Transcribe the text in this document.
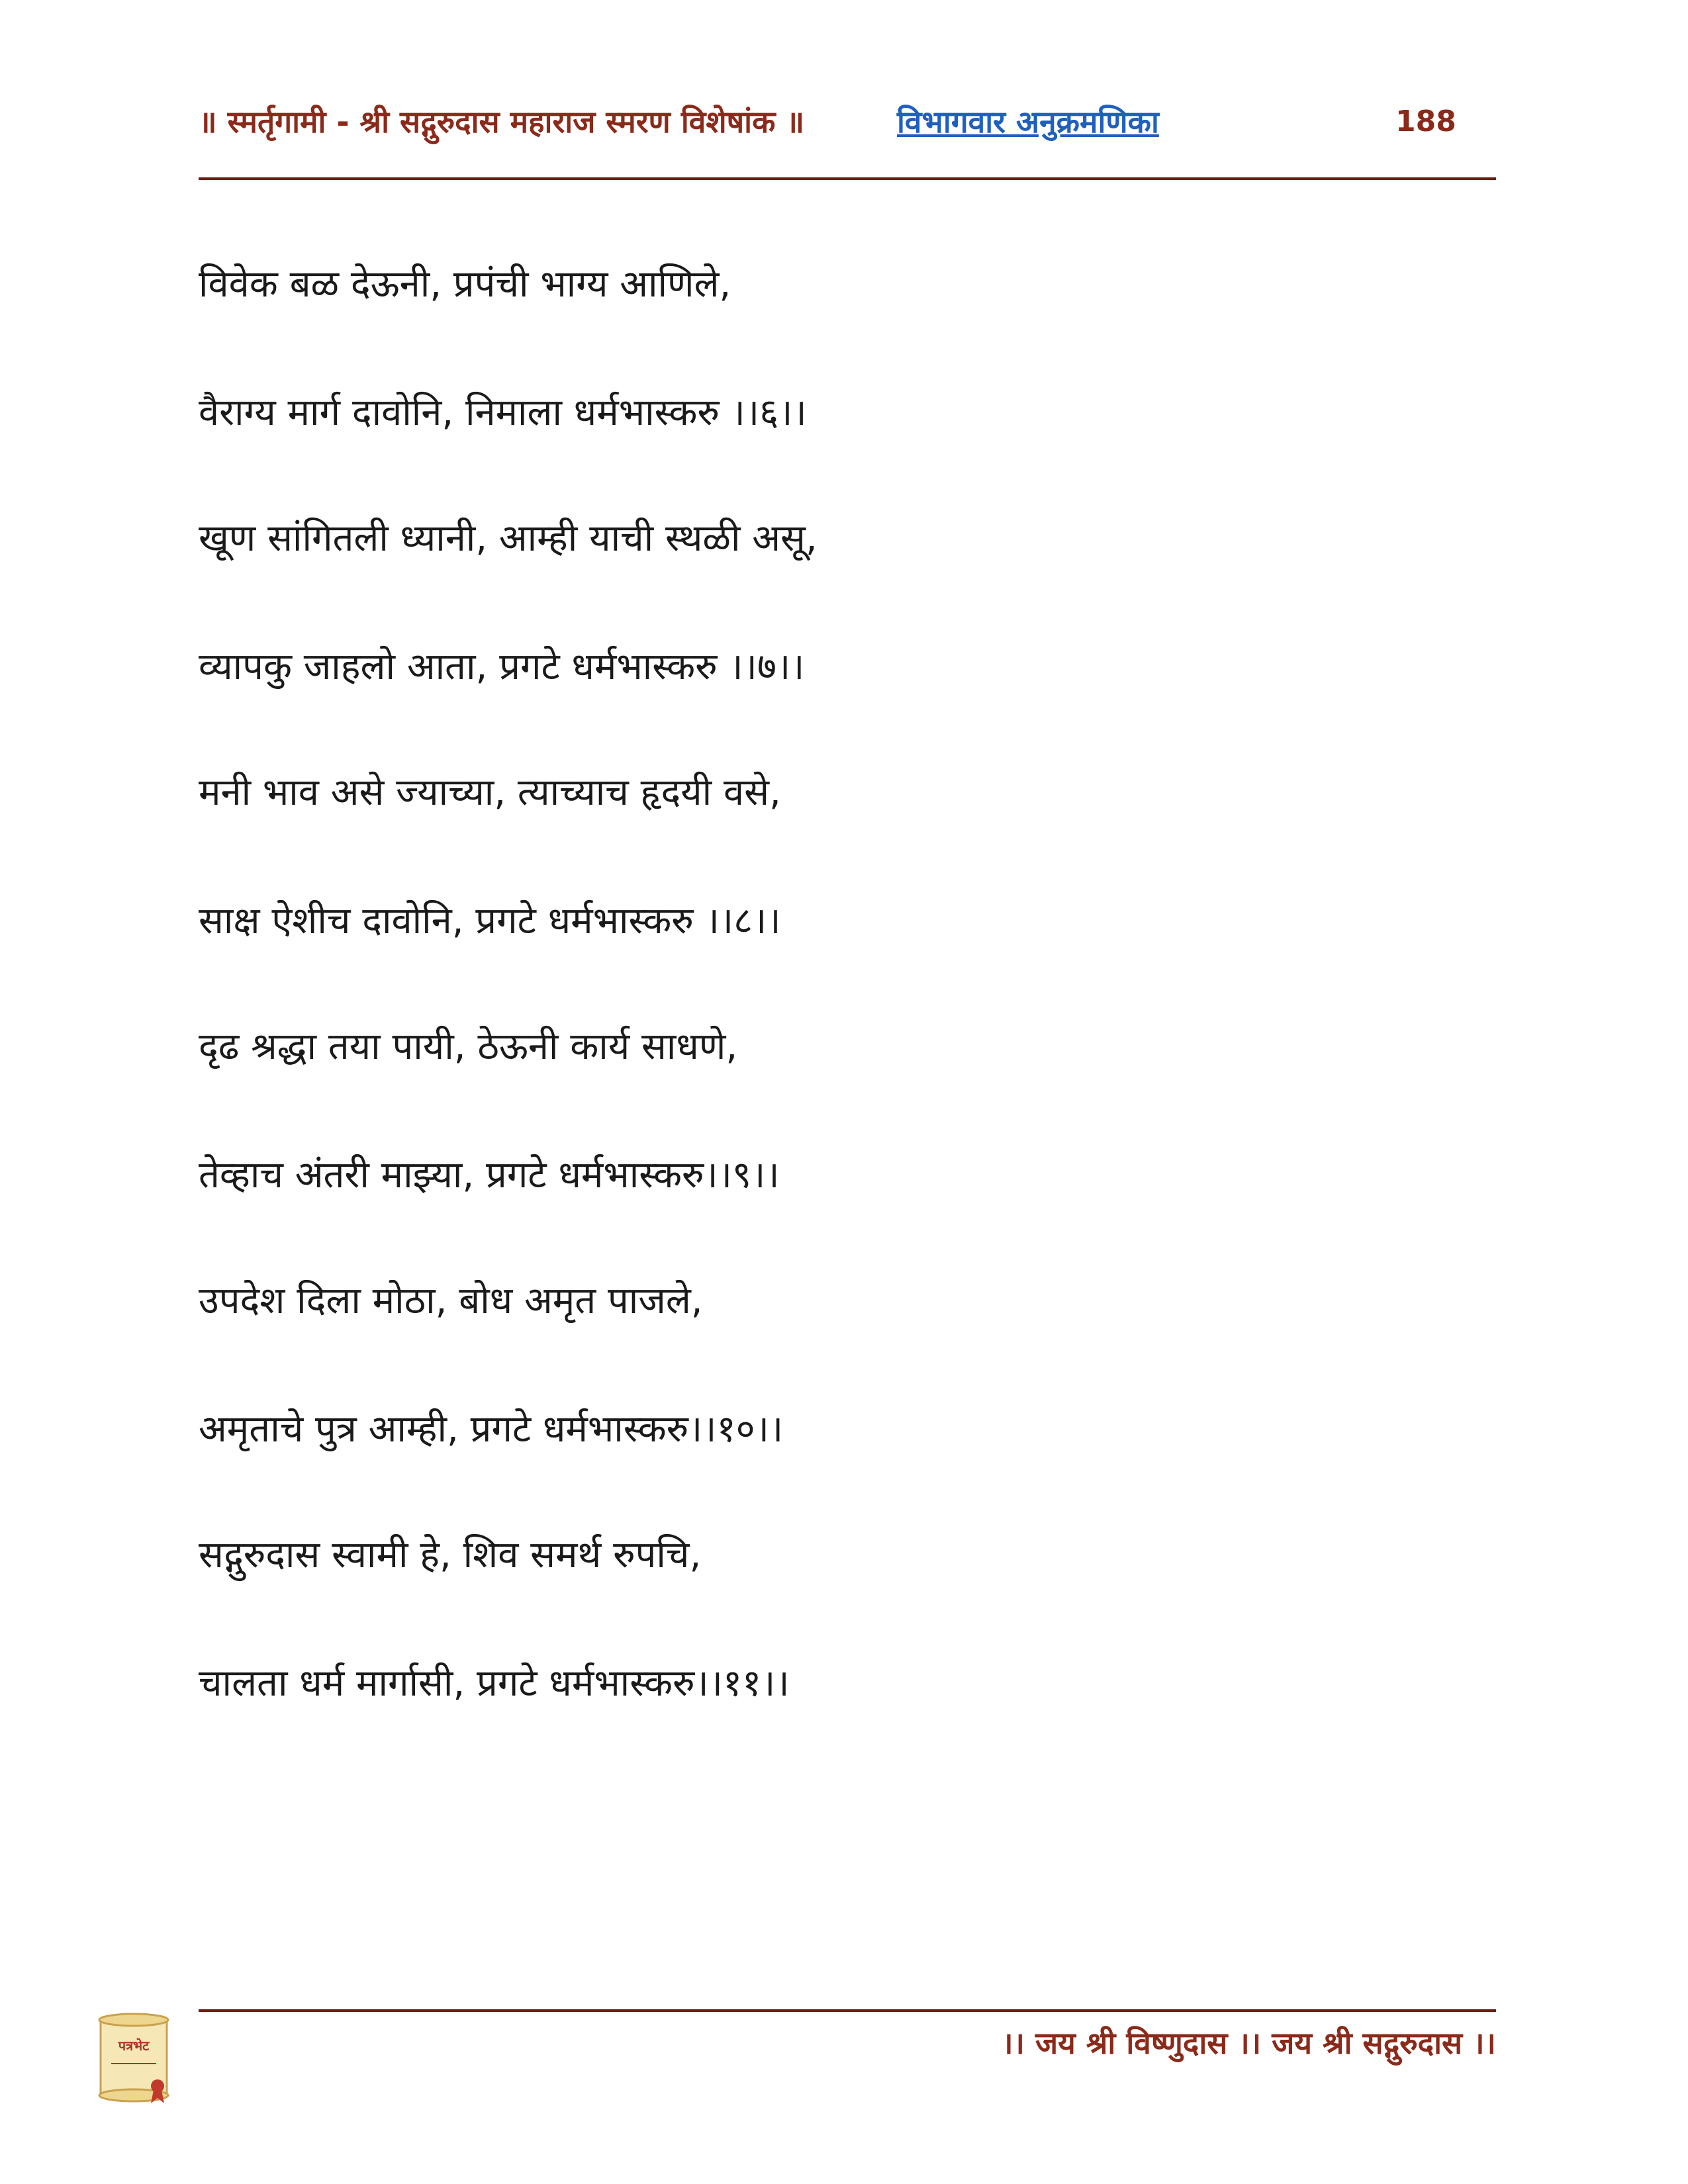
॥ स्मर्तृगामी - श्री सद्गुरुदास महाराज स्मरण विशेषांक ॥	विभागवार अनुक्रमणिका	188
विवेक बळ देऊनी, प्रपंची भाग्य आणिले,
वैराग्य मार्ग दावोनि, निमाला धर्मभास्करु ।।६।।
खूण सांगितली ध्यानी, आम्ही याची स्थळी असू,
व्यापकु जाहलो आता, प्रगटे धर्मभास्करु ।।७।।
मनी भाव असे ज्याच्या, त्याच्याच हृदयी वसे,
साक्ष ऐशीच दावोनि, प्रगटे धर्मभास्करु ।।८।।
दृढ श्रद्धा तया पायी, ठेऊनी कार्य साधणे,
तेव्हाच अंतरी माझ्या, प्रगटे धर्मभास्करु।।९।।
उपदेश दिला मोठा, बोध अमृत पाजले,
अमृताचे पुत्र आम्ही, प्रगटे धर्मभास्करु।।१०।।
सद्गुरुदास स्वामी हे, शिव समर्थ रुपचि,
चालता धर्म मार्गासी, प्रगटे धर्मभास्करु।।११।।
पत्रभेट	।। जय श्री विष्णुदास ।। जय श्री सद्गुरुदास ।।
